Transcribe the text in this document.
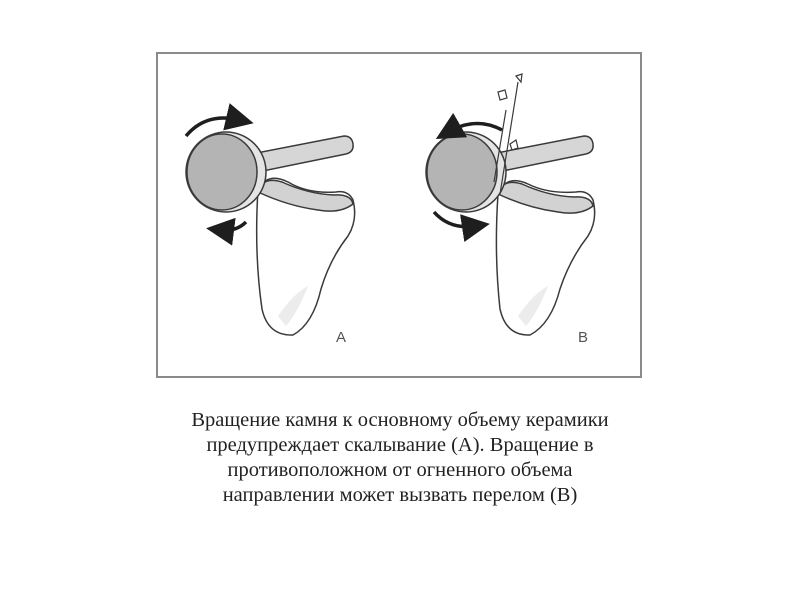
A	B
Вращение камня к основному объему керамики
предупреждает скалывание (А). Вращение в
противоположном от огненного объема
направлении может вызвать перелом (В)
